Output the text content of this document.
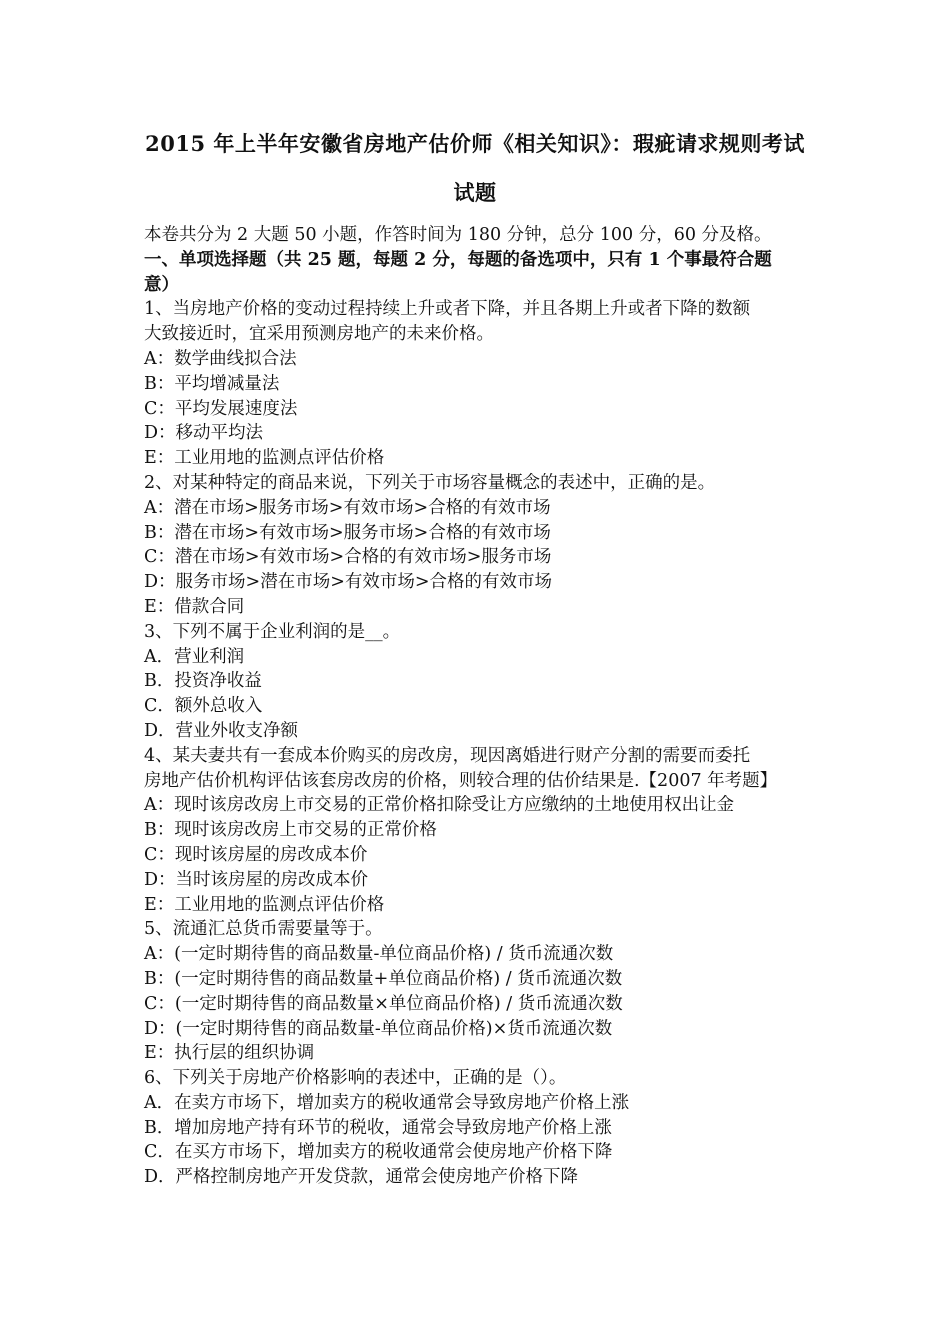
2015 年上半年安徽省房地产估价师《相关知识》：瑕疵请求规则考试
试题
本卷共分为 2 大题 50 小题，作答时间为 180 分钟，总分 100 分，60 分及格。
一、单项选择题（共 25 题，每题 2 分，每题的备选项中，只有 1 个事最符合题
意）
1、当房地产价格的变动过程持续上升或者下降，并且各期上升或者下降的数额
大致接近时，宜采用预测房地产的未来价格。
A：数学曲线拟合法
B：平均增减量法
C：平均发展速度法
D：移动平均法
E：工业用地的监测点评估价格
2、对某种特定的商品来说，下列关于市场容量概念的表述中，正确的是。
A：潜在市场>服务市场>有效市场>合格的有效市场
B：潜在市场>有效市场>服务市场>合格的有效市场
C：潜在市场>有效市场>合格的有效市场>服务市场
D：服务市场>潜在市场>有效市场>合格的有效市场
E：借款合同
3、下列不属于企业利润的是__。
A．营业利润
B．投资净收益
C．额外总收入
D．营业外收支净额
4、某夫妻共有一套成本价购买的房改房，现因离婚进行财产分割的需要而委托
房地产估价机构评估该套房改房的价格，则较合理的估价结果是.【2007 年考题】
A：现时该房改房上市交易的正常价格扣除受让方应缴纳的土地使用权出让金
B：现时该房改房上市交易的正常价格
C：现时该房屋的房改成本价
D：当时该房屋的房改成本价
E：工业用地的监测点评估价格
5、流通汇总货币需要量等于。
A：(一定时期待售的商品数量-单位商品价格) / 货币流通次数
B：(一定时期待售的商品数量+单位商品价格) / 货币流通次数
C：(一定时期待售的商品数量×单位商品价格) / 货币流通次数
D：(一定时期待售的商品数量-单位商品价格)×货币流通次数
E：执行层的组织协调
6、下列关于房地产价格影响的表述中，正确的是（）。
A．在卖方市场下，增加卖方的税收通常会导致房地产价格上涨
B．增加房地产持有环节的税收，通常会导致房地产价格上涨
C．在买方市场下，增加卖方的税收通常会使房地产价格下降
D．严格控制房地产开发贷款，通常会使房地产价格下降
